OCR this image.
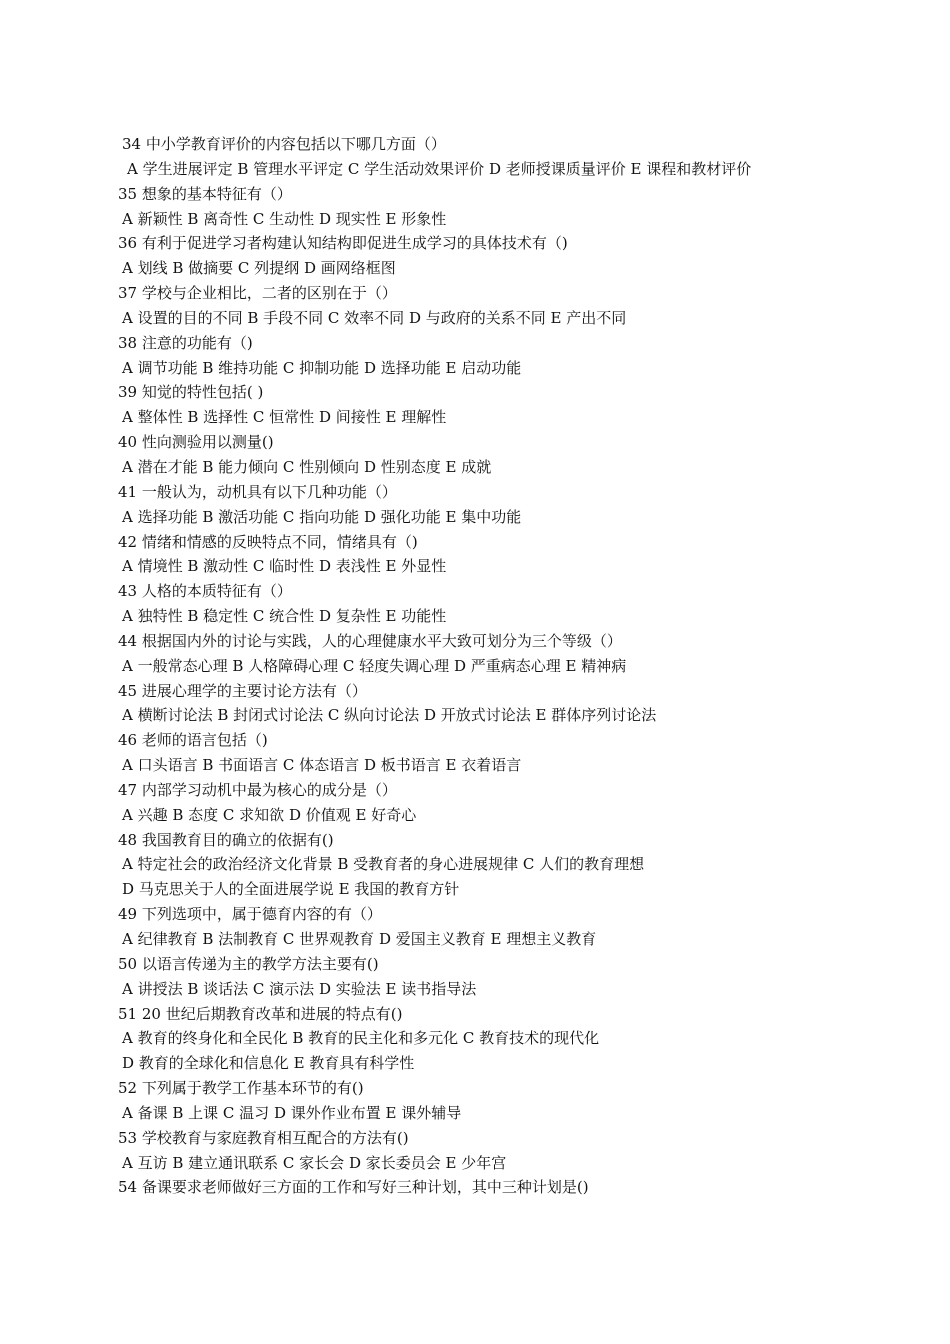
34 中小学教育评价的内容包括以下哪几方面（）
A 学生进展评定 B 管理水平评定 C 学生活动效果评价 D 老师授课质量评价 E 课程和教材评价
35 想象的基本特征有（）
A 新颖性 B 离奇性 C 生动性 D 现实性 E 形象性
36 有利于促进学习者构建认知结构即促进生成学习的具体技术有（)
A 划线 B 做摘要 C 列提纲 D 画网络框图
37 学校与企业相比，二者的区别在于（）
A 设置的目的不同 B 手段不同 C 效率不同 D 与政府的关系不同 E 产出不同
38 注意的功能有（)
A 调节功能 B 维持功能 C 抑制功能 D 选择功能 E 启动功能
39 知觉的特性包括( )
A 整体性 B 选择性 C 恒常性 D 间接性 E 理解性
40 性向测验用以测量()
A 潜在才能 B 能力倾向 C 性别倾向 D 性别态度 E 成就
41 一般认为，动机具有以下几种功能（）
A 选择功能 B 激活功能 C 指向功能 D 强化功能 E 集中功能
42 情绪和情感的反映特点不同，情绪具有（)
A 情境性 B 激动性 C 临时性 D 表浅性 E 外显性
43 人格的本质特征有（）
A 独特性 B 稳定性 C 统合性 D 复杂性 E 功能性
44 根据国内外的讨论与实践，人的心理健康水平大致可划分为三个等级（）
A 一般常态心理 B 人格障碍心理 C 轻度失调心理 D 严重病态心理 E 精神病
45 进展心理学的主要讨论方法有（）
A 横断讨论法 B 封闭式讨论法 C 纵向讨论法 D 开放式讨论法 E 群体序列讨论法
46 老师的语言包括（)
A 口头语言 B 书面语言 C 体态语言 D 板书语言 E 衣着语言
47 内部学习动机中最为核心的成分是（）
A 兴趣 B 态度 C 求知欲 D 价值观 E 好奇心
48 我国教育目的确立的依据有()
A 特定社会的政治经济文化背景 B 受教育者的身心进展规律 C 人们的教育理想
D 马克思关于人的全面进展学说 E 我国的教育方针
49 下列选项中，属于德育内容的有（）
A 纪律教育 B 法制教育 C 世界观教育 D 爱国主义教育 E 理想主义教育
50 以语言传递为主的教学方法主要有()
A 讲授法 B 谈话法 C 演示法 D 实验法 E 读书指导法
51 20 世纪后期教育改革和进展的特点有()
A 教育的终身化和全民化 B 教育的民主化和多元化 C 教育技术的现代化
D 教育的全球化和信息化 E 教育具有科学性
52 下列属于教学工作基本环节的有()
A 备课 B 上课 C 温习 D 课外作业布置 E 课外辅导
53 学校教育与家庭教育相互配合的方法有()
A 互访 B 建立通讯联系 C 家长会 D 家长委员会 E 少年宫
54 备课要求老师做好三方面的工作和写好三种计划，其中三种计划是()
